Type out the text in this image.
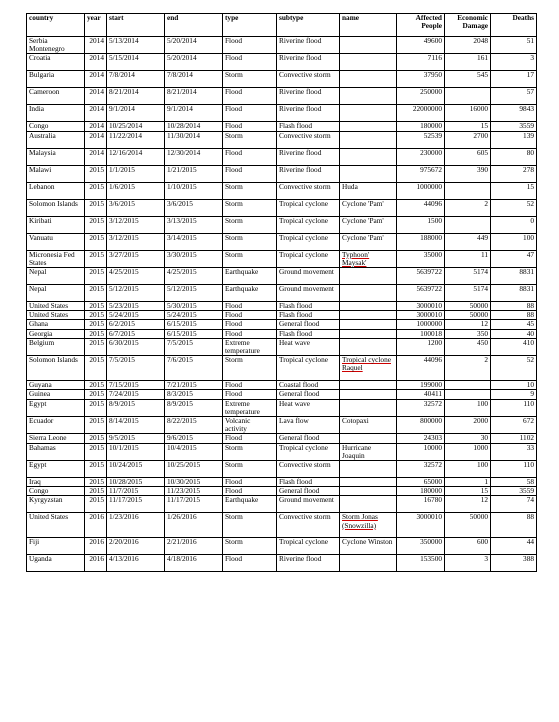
country	year	start	end	type	subtype	name	Affected People	Economic Damage	Deaths
Serbia Montenegro	2014	5/13/2014	5/20/2014	Flood	Riverine flood		49600	2048	51
Croatia	2014	5/15/2014	5/20/2014	Flood	Riverine flood		7116	161	3
Bulgaria	2014	7/8/2014	7/8/2014	Storm	Convective storm		37950	545	17
Cameroon	2014	8/21/2014	8/21/2014	Flood	Riverine flood		250000		57
India	2014	9/1/2014	9/1/2014	Flood	Riverine flood		22000000	16000	9843
Congo	2014	10/25/2014	10/28/2014	Flood	Flash flood		180000	15	3559
Australia	2014	11/22/2014	11/30/2014	Storm	Convective storm		52539	2700	139
Malaysia	2014	12/16/2014	12/30/2014	Flood	Riverine flood		230000	605	80
Malawi	2015	1/1/2015	1/21/2015	Flood	Riverine flood		975672	390	278
Lebanon	2015	1/6/2015	1/10/2015	Storm	Convective storm	Huda	1000000		15
Solomon Islands	2015	3/6/2015	3/6/2015	Storm	Tropical cyclone	Cyclone 'Pam'	44096	2	52
Kiribati	2015	3/12/2015	3/13/2015	Storm	Tropical cyclone	Cyclone 'Pam'	1500		0
Vanuatu	2015	3/12/2015	3/14/2015	Storm	Tropical cyclone	Cyclone 'Pam'	188000	449	100
Micronesia Fed States	2015	3/27/2015	3/30/2015	Storm	Tropical cyclone	Typhoon' Maysak'	35000	11	47
Nepal	2015	4/25/2015	4/25/2015	Earthquake	Ground movement		5639722	5174	8831
Nepal	2015	5/12/2015	5/12/2015	Earthquake	Ground movement		5639722	5174	8831
United States	2015	5/23/2015	5/30/2015	Flood	Flash flood		3000010	50000	88
United States	2015	5/24/2015	5/24/2015	Flood	Flash flood		3000010	50000	88
Ghana	2015	6/2/2015	6/15/2015	Flood	General flood		1000000	12	45
Georgia	2015	6/7/2015	6/15/2015	Flood	Flash flood		100018	350	40
Belgium	2015	6/30/2015	7/5/2015	Extreme temperature	Heat wave		1200	450	410
Solomon Islands	2015	7/5/2015	7/6/2015	Storm	Tropical cyclone	Tropical cyclone Raquel	44096	2	52
Guyana	2015	7/15/2015	7/21/2015	Flood	Coastal flood		199000		10
Guinea	2015	7/24/2015	8/3/2015	Flood	General flood		40411		9
Egypt	2015	8/9/2015	8/9/2015	Extreme temperature	Heat wave		32572	100	110
Ecuador	2015	8/14/2015	8/22/2015	Volcanic activity	Lava flow	Cotopaxi	800000	2000	672
Sierra Leone	2015	9/5/2015	9/6/2015	Flood	General flood		24303	30	1102
Bahamas	2015	10/1/2015	10/4/2015	Storm	Tropical cyclone	Hurricane Joaquin	10000	1000	33
Egypt	2015	10/24/2015	10/25/2015	Storm	Convective storm		32572	100	110
Iraq	2015	10/28/2015	10/30/2015	Flood	Flash flood		65000	1	58
Congo	2015	11/7/2015	11/23/2015	Flood	General flood		180000	15	3559
Kyrgyzstan	2015	11/17/2015	11/17/2015	Earthquake	Ground movement		16780	12	74
United States	2016	1/23/2016	1/26/2016	Storm	Convective storm	Storm Jonas (Snowzilla)	3000010	50000	88
Fiji	2016	2/20/2016	2/21/2016	Storm	Tropical cyclone	Cyclone Winston	350000	600	44
Uganda	2016	4/13/2016	4/18/2016	Flood	Riverine flood		153500	3	388
